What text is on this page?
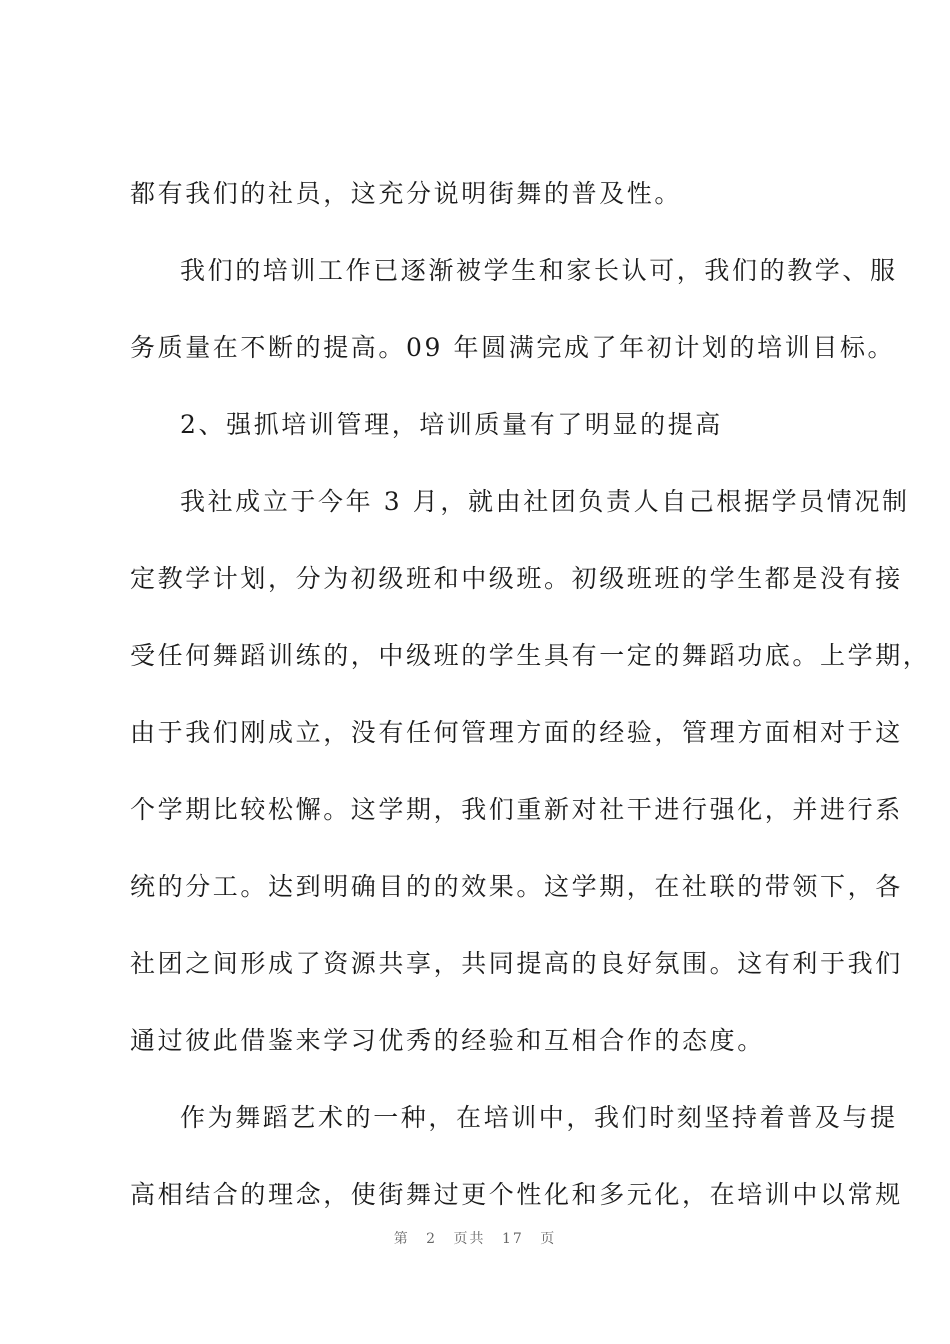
都有我们的社员，这充分说明街舞的普及性。
我们的培训工作已逐渐被学生和家长认可，我们的教学、服
务质量在不断的提高。09 年圆满完成了年初计划的培训目标。
2、强抓培训管理，培训质量有了明显的提高
我社成立于今年 3 月，就由社团负责人自己根据学员情况制
定教学计划，分为初级班和中级班。初级班班的学生都是没有接
受任何舞蹈训练的，中级班的学生具有一定的舞蹈功底。上学期，
由于我们刚成立，没有任何管理方面的经验，管理方面相对于这
个学期比较松懈。这学期，我们重新对社干进行强化，并进行系
统的分工。达到明确目的的效果。这学期，在社联的带领下，各
社团之间形成了资源共享，共同提高的良好氛围。这有利于我们
通过彼此借鉴来学习优秀的经验和互相合作的态度。
作为舞蹈艺术的一种，在培训中，我们时刻坚持着普及与提
高相结合的理念，使街舞过更个性化和多元化，在培训中以常规
第 2 页共 17 页
